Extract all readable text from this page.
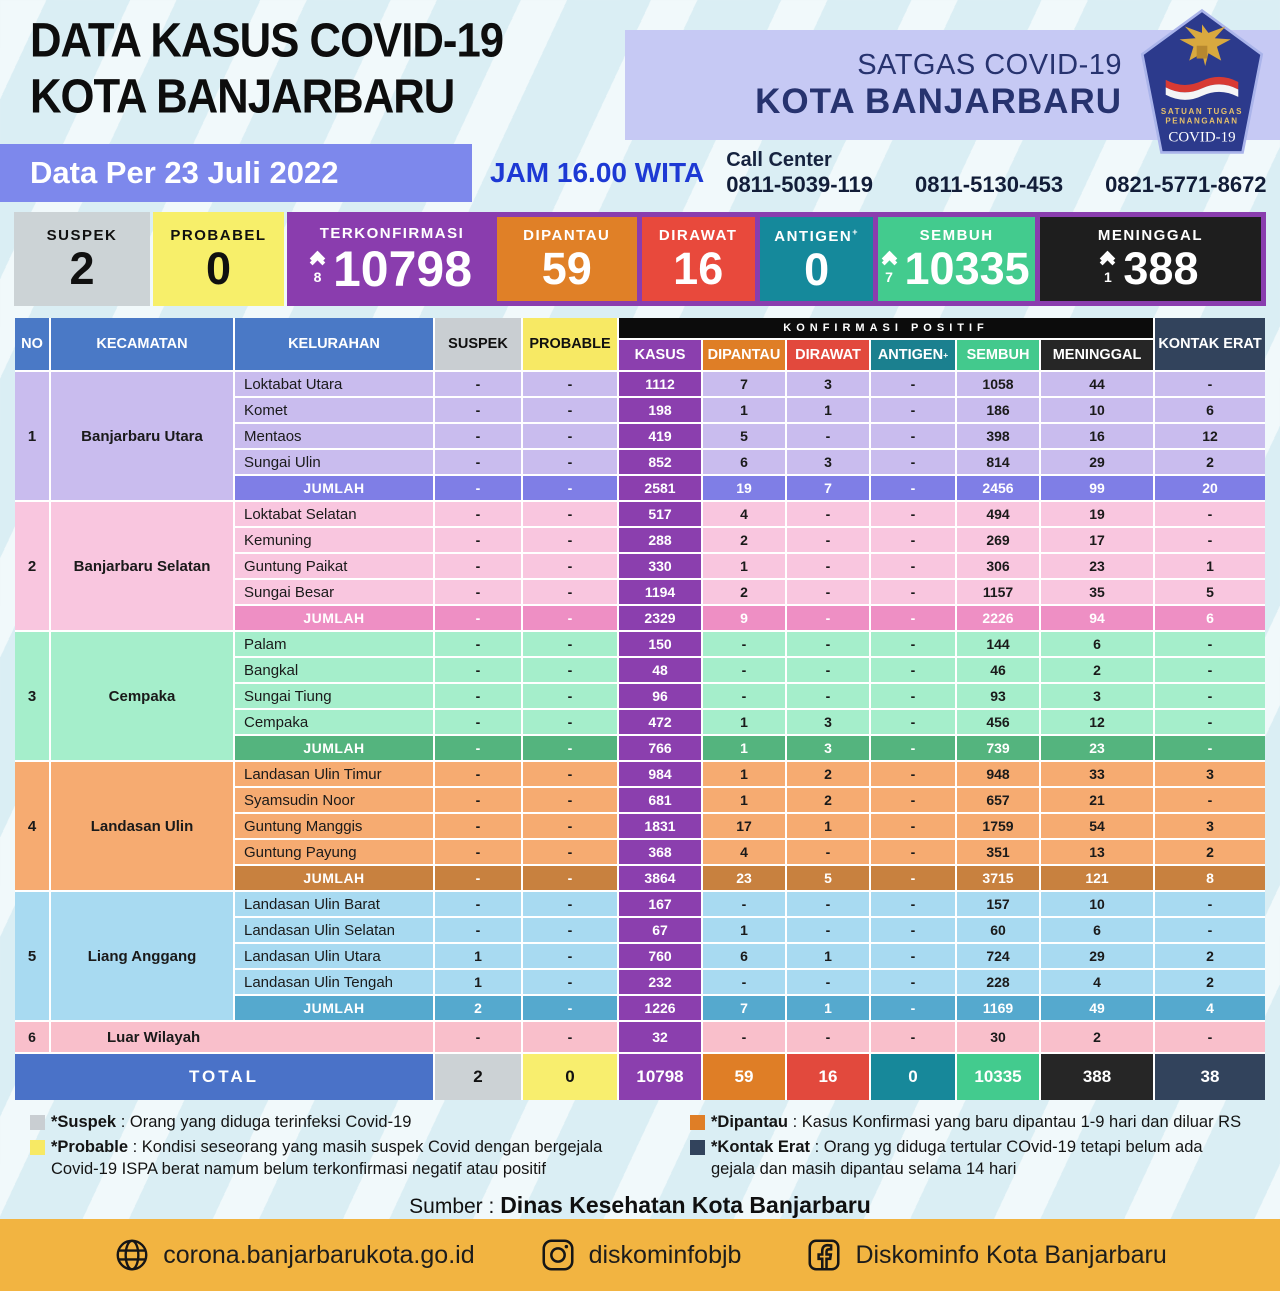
DATA KASUS COVID-19
KOTA BANJARBARU
SATGAS COVID-19
KOTA BANJARBARU	SATUAN TUGAS
PENANGANAN
COVID-19
Data Per 23 Juli 2022	JAM 16.00 WITA Call Center
0811-5039-119 0811-5130-453 0821-5771-8672
SUSPEK
2
PROBABEL
0
TERKONFIRMASI
8 10798
DIPANTAU
59
DIRAWAT
16
ANTIGEN+
0
SEMBUH
7 10335
MENINGGAL
1 388
NO	KECAMATAN	KELURAHAN	SUSPEK	PROBABLE
KONFIRMASI POSITIF
KASUS	DIPANTAU	DIRAWAT	ANTIGEN +	SEMBUH	MENINGGAL
KONTAK ERAT
1	Banjarbaru Utara
Loktabat Utara	-	-	1112	7	3	-	1058	44	-
Komet	-	-	198	1	1	-	186	10	6
Mentaos	-	-	419	5	-	-	398	16	12
Sungai Ulin	-	-	852	6	3	-	814	29	2
JUMLAH	-	-	2581	19	7	-	2456	99	20
2	Banjarbaru Selatan
Loktabat Selatan	-	-	517	4	-	-	494	19	-
Kemuning	-	-	288	2	-	-	269	17	-
Guntung Paikat	-	-	330	1	-	-	306	23	1
Sungai Besar	-	-	1194	2	-	-	1157	35	5
JUMLAH	-	-	2329	9	-	-	2226	94	6
3	Cempaka
Palam	-	-	150	-	-	-	144	6	-
Bangkal	-	-	48	-	-	-	46	2	-
Sungai Tiung	-	-	96	-	-	-	93	3	-
Cempaka	-	-	472	1	3	-	456	12	-
JUMLAH	-	-	766	1	3	-	739	23	-
4	Landasan Ulin
Landasan Ulin Timur	-	-	984	1	2	-	948	33	3
Syamsudin Noor	-	-	681	1	2	-	657	21	-
Guntung Manggis	-	-	1831	17	1	-	1759	54	3
Guntung Payung	-	-	368	4	-	-	351	13	2
JUMLAH	-	-	3864	23	5	-	3715	121	8
5	Liang Anggang
Landasan Ulin Barat	-	-	167	-	-	-	157	10	-
Landasan Ulin Selatan	-	-	67	1	-	-	60	6	-
Landasan Ulin Utara	1	-	760	6	1	-	724	29	2
Landasan Ulin Tengah	1	-	232	-	-	-	228	4	2
JUMLAH	2	-	1226	7	1	-	1169	49	4
6	Luar Wilayah	-	-	32	-	-	-	30	2	-
TOTAL	2	0	10798	59	16	0	10335	388	38
*Suspek : Orang yang diduga terinfeksi Covid-19
*Probable : Kondisi seseorang yang masih suspek Covid dengan bergejala Covid-19 ISPA berat namum belum terkonfirmasi negatif atau positif
*Dipantau : Kasus Konfirmasi yang baru dipantau 1-9 hari dan diluar RS
*Kontak Erat : Orang yg diduga tertular COvid-19 tetapi belum ada gejala dan masih dipantau selama 14 hari
Sumber : Dinas Kesehatan Kota Banjarbaru
corona.banjarbarukota.go.id	diskominfobjb	Diskominfo Kota Banjarbaru
